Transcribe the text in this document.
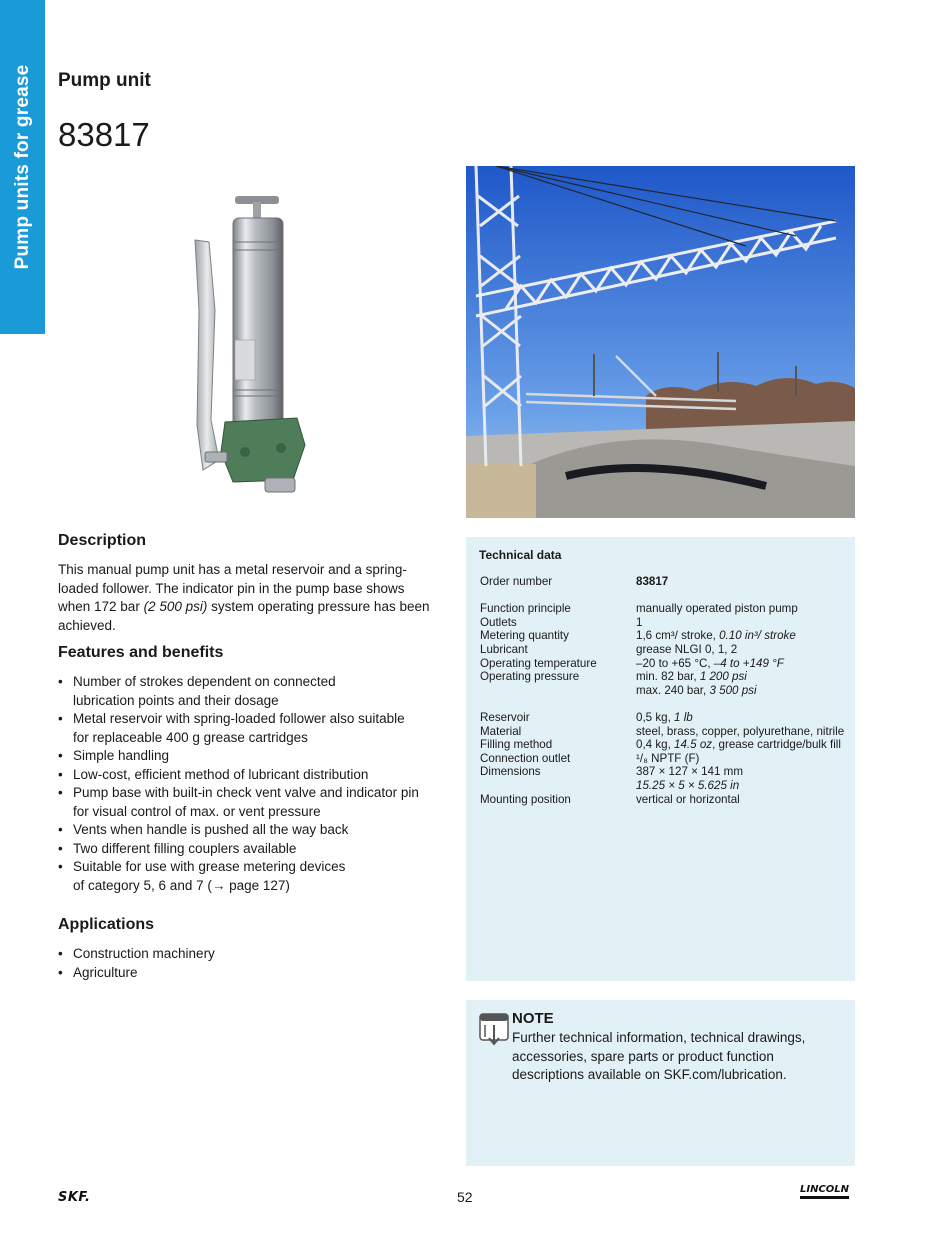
Pump units for grease Pump unit
83817
Description

This manual pump unit has a metal reservoir and a spring-loaded follower. The indicator pin in the pump base shows when 172 bar (2 500 psi) system operating pressure has been achieved.

Features and benefits
• Number of strokes dependent on connected
lubrication points and their dosage
• Metal reservoir with spring-loaded follower also suitable
for replaceable 400 g grease cartridges
• Simple handling
• Low-cost, efficient method of lubricant distribution
• Pump base with built-in check vent valve and indicator pin
for visual control of max. or vent pressure
• Vents when handle is pushed all the way back
• Two different filling couplers available
• Suitable for use with grease metering devices
of category 5, 6 and 7 (→ page 127)
Applications
• Construction machinery
• Agriculture
Technical data
Order number	83817

Function principle	manually operated piston pump
Outlets	1
Metering quantity	1,6 cm³/ stroke, 0.10 in³/ stroke
Lubricant	grease NLGI 0, 1, 2
Operating temperature	–20 to +65 °C, –4 to +149 °F
Operating pressure	min. 82 bar, 1 200 psi
	max. 240 bar, 3 500 psi

Reservoir	0,5 kg, 1 lb
Material	steel, brass, copper, polyurethane, nitrile
Filling method	0,4 kg, 14.5 oz, grease cartridge/bulk fill
Connection outlet	¹/₈ NPTF (F)
Dimensions	387 × 127 × 141 mm
	15.25 × 5 × 5.625 in
Mounting position	vertical or horizontal
NOTE
Further technical information, technical drawings, accessories, spare parts or product function descriptions available on SKF.com/lubrication.
SKF.	52	LINCOLN
